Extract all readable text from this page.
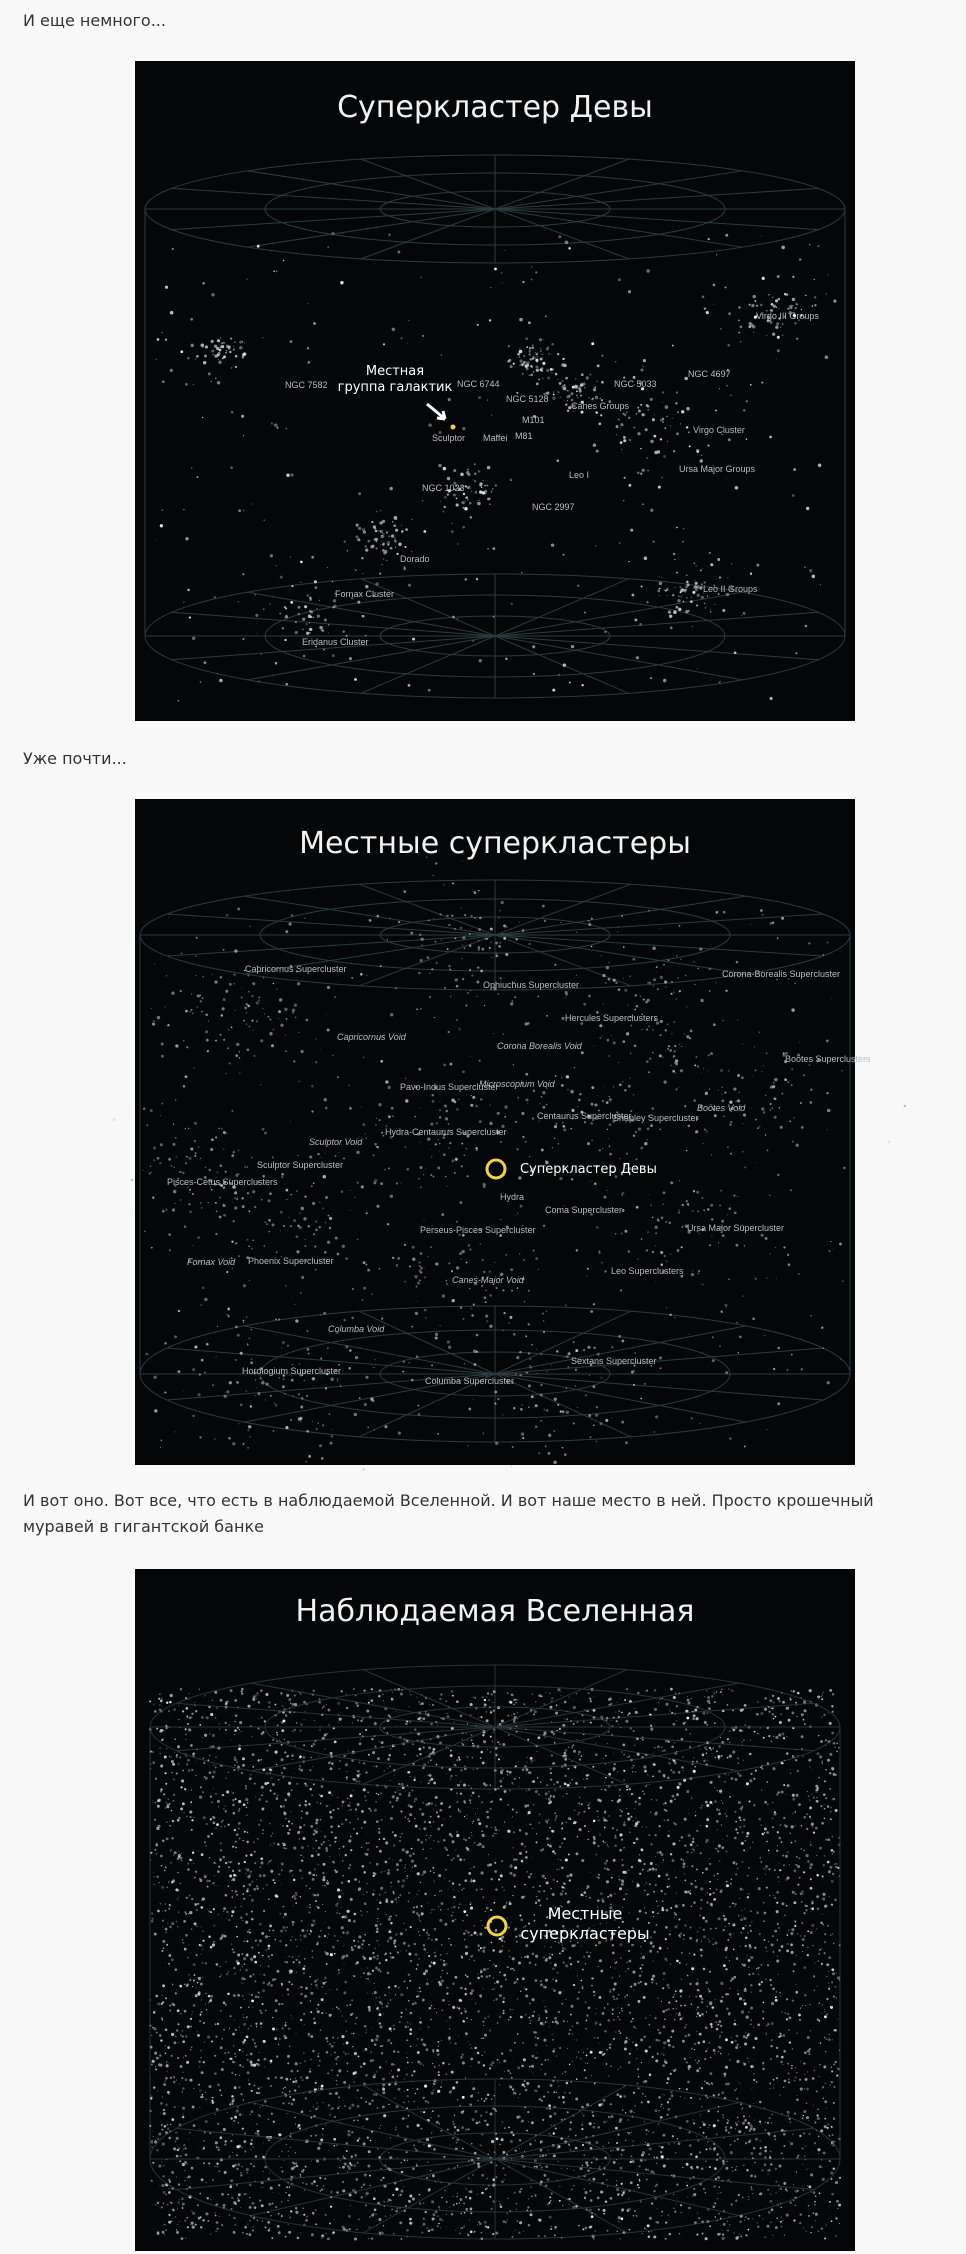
И еще немного...

Суперкластер Девы
Местная
группа галактик
NGC 7582	NGC 6744
NGC 5128
NGC 5033
NGC 4697
Virgo III Groups
Canes Groups
Virgo Cluster
M101
M81
Sculptor Maffei
Ursa Major Groups
Leo I
NGC 1023
NGC 2997
Dorado
Fornax Cluster
Eridanus Cluster
Leo II Groups

Уже почти...

Местные суперкластеры
Суперкластер Девы
Capricornus Supercluster
Ophiuchus Supercluster
Corona-Borealis Supercluster
Hercules Superclusters
Capricornus Void
Corona Borealis Void
Boötes Superclusters
Pavo-Indus Supercluster
Microscopium Void
Boötes Void
Centaurus Supercluster
Shapley Supercluster
Sculptor Void
Hydra-Centaurus Supercluster
Sculptor Supercluster
Pisces-Cetus Superclusters
Hydra
Coma Supercluster
Ursa Major Supercluster
Perseus-Pisces Supercluster
Fornax Void Phoenix Supercluster
Canes-Major Void
Leo Superclusters
Columba Void
Horologium Supercluster
Columba Supercluster
Sextans Supercluster

И вот оно. Вот все, что есть в наблюдаемой Вселенной. И вот наше место в ней. Просто крошечный муравей в гигантской банке

Наблюдаемая Вселенная
Местные
суперкластеры
